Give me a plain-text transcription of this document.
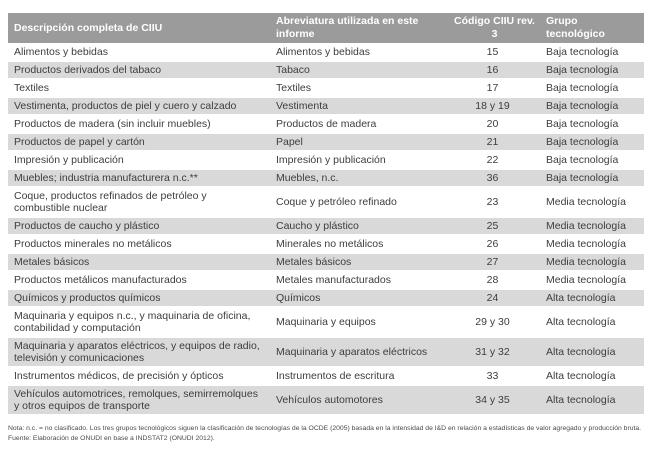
Descripción completa de CIIU	Abreviatura utilizada en este informe	Código CIIU rev. 3	Grupo tecnológico
Alimentos y bebidas	Alimentos y bebidas	15	Baja tecnología
Productos derivados del tabaco	Tabaco	16	Baja tecnología
Textiles	Textiles	17	Baja tecnología
Vestimenta, productos de piel y cuero y calzado	Vestimenta	18 y 19	Baja tecnología
Productos de madera (sin incluir muebles)	Productos de madera	20	Baja tecnología
Productos de papel y cartón	Papel	21	Baja tecnología
Impresión y publicación	Impresión y publicación	22	Baja tecnología
Muebles; industria manufacturera n.c.**	Muebles, n.c.	36	Baja tecnología
Coque, productos refinados de petróleo y combustible nuclear	Coque y petróleo refinado	23	Media tecnología
Productos de caucho y plástico	Caucho y plástico	25	Media tecnología
Productos minerales no metálicos	Minerales no metálicos	26	Media tecnología
Metales básicos	Metales básicos	27	Media tecnología
Productos metálicos manufacturados	Metales manufacturados	28	Media tecnología
Químicos y productos químicos	Químicos	24	Alta tecnología
Maquinaria y equipos n.c., y maquinaria de oficina, contabilidad y computación	Maquinaria y equipos	29 y 30	Alta tecnología
Maquinaria y aparatos eléctricos, y equipos de radio, televisión y comunicaciones	Maquinaria y aparatos eléctricos	31 y 32	Alta tecnología
Instrumentos médicos, de precisión y ópticos	Instrumentos de escritura	33	Alta tecnología
Vehículos automotrices, remolques, semirremolques y otros equipos de transporte	Vehículos automotores	34 y 35	Alta tecnología
Nota: n.c. = no clasificado. Los tres grupos tecnológicos siguen la clasificación de tecnologías de la OCDE (2005) basada en la intensidad de I&D en relación a estadísticas de valor agregado y producción bruta.
Fuente: Elaboración de ONUDI en base a INDSTAT2 (ONUDI 2012).
